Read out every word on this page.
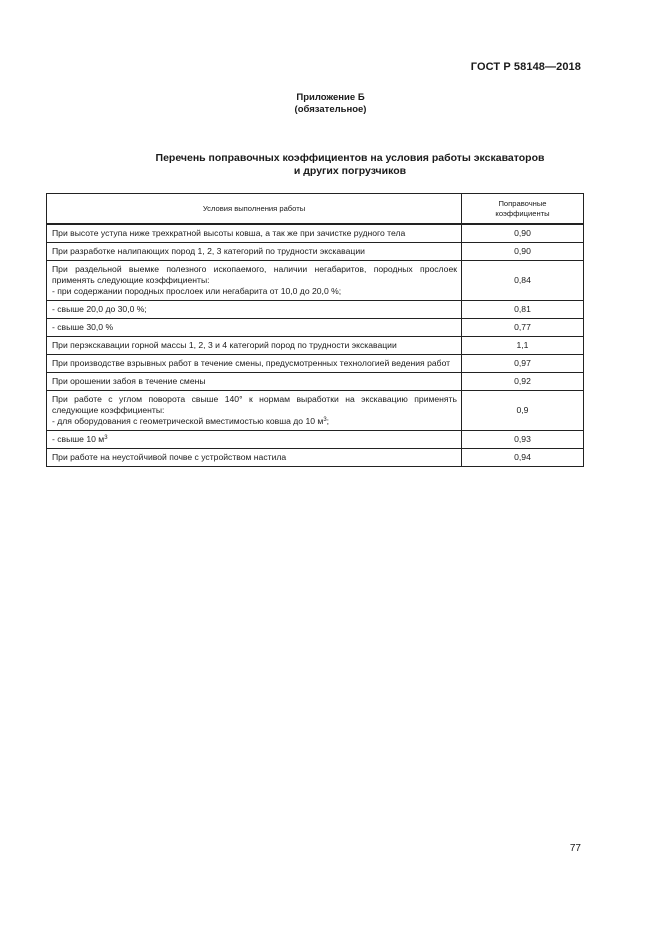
ГОСТ Р 58148—2018
Приложение Б
(обязательное)
Перечень поправочных коэффициентов на условия работы экскаваторов
и других погрузчиков
Условия выполнения работы	Поправочные
коэффициенты

При высоте уступа ниже трехкратной высоты ковша, а так же при зачистке рудного тела	0,90

При разработке налипающих пород 1, 2, 3 категорий по трудности экскавации	0,90

При раздельной выемке полезного ископаемого, наличии негабаритов, породных прослоек применять следующие коэффициенты:
- при содержании породных прослоек или негабарита от 10,0 до 20,0 %;	0,84

- свыше 20,0 до 30,0 %;	0,81

- свыше 30,0 %	0,77

При перэкскавации горной массы 1, 2, 3 и 4 категорий пород по трудности экскавации	1,1

При производстве взрывных работ в течение смены, предусмотренных технологией ведения работ	0,97

При орошении забоя в течение смены	0,92

При работе с углом поворота свыше 140° к нормам выработки на экскавацию применять следующие коэффициенты:
- для оборудования с геометрической вместимостью ковша до 10 $м^3$;	0,9

- свыше 10 $м^3$	0,93

При работе на неустойчивой почве с устройством настила	0,94
77
